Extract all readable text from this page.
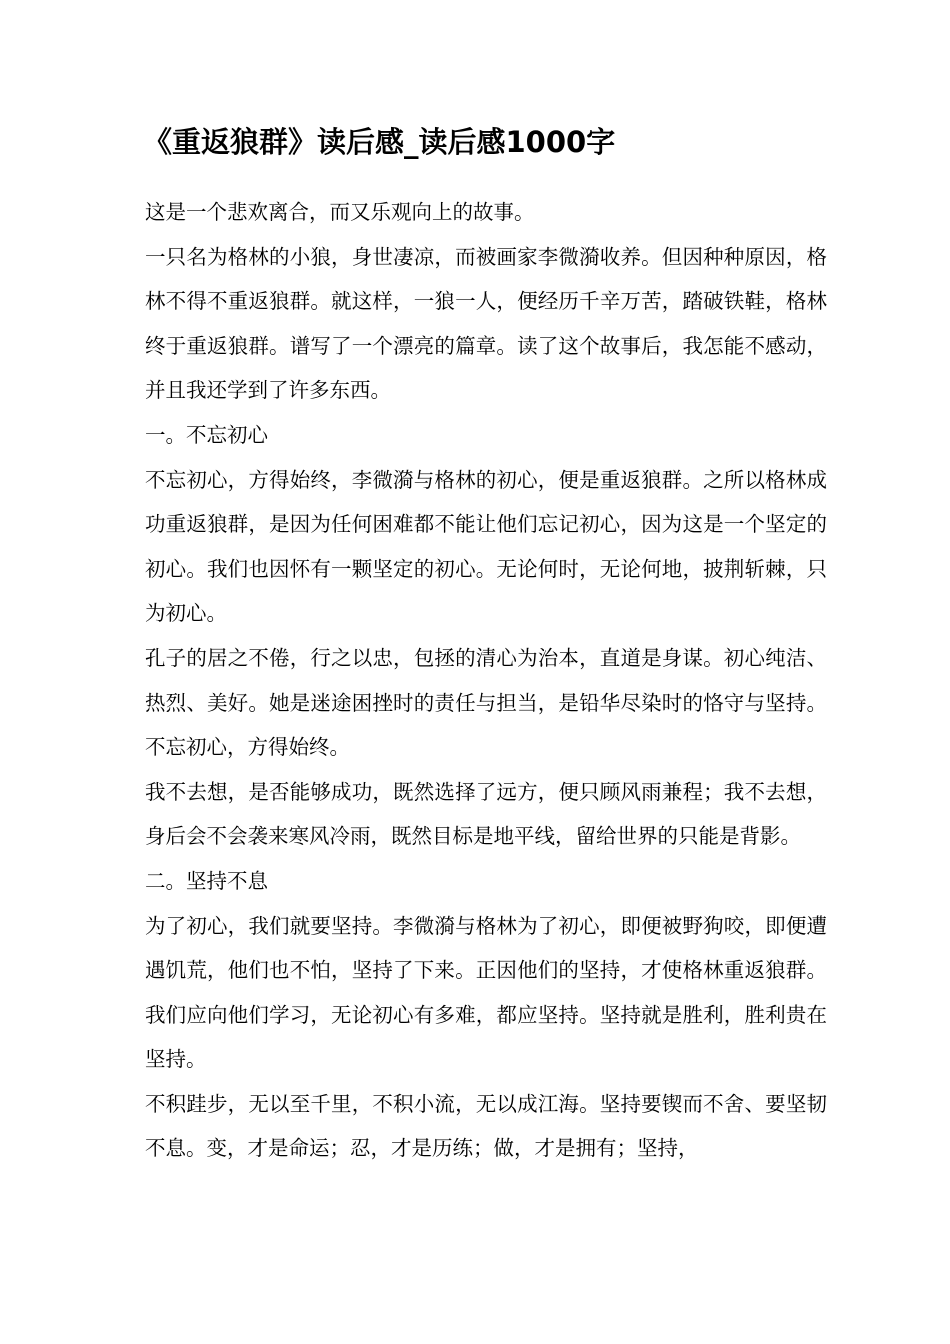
《重返狼群》读后感_读后感1000字

这是一个悲欢离合，而又乐观向上的故事。

一只名为格林的小狼，身世凄凉，而被画家李微漪收养。但因种种原因，格林不得不重返狼群。就这样，一狼一人，便经历千辛万苦，踏破铁鞋，格林终于重返狼群。谱写了一个漂亮的篇章。读了这个故事后，我怎能不感动，并且我还学到了许多东西。

一。不忘初心

不忘初心，方得始终，李微漪与格林的初心，便是重返狼群。之所以格林成功重返狼群，是因为任何困难都不能让他们忘记初心，因为这是一个坚定的初心。我们也因怀有一颗坚定的初心。无论何时，无论何地，披荆斩棘，只为初心。

孔子的居之不倦，行之以忠，包拯的清心为治本，直道是身谋。初心纯洁、热烈、美好。她是迷途困挫时的责任与担当，是铅华尽染时的恪守与坚持。不忘初心，方得始终。

我不去想，是否能够成功，既然选择了远方，便只顾风雨兼程；我不去想，身后会不会袭来寒风冷雨，既然目标是地平线，留给世界的只能是背影。

二。坚持不息

为了初心，我们就要坚持。李微漪与格林为了初心，即便被野狗咬，即便遭遇饥荒，他们也不怕，坚持了下来。正因他们的坚持，才使格林重返狼群。我们应向他们学习，无论初心有多难，都应坚持。坚持就是胜利，胜利贵在坚持。

不积跬步，无以至千里，不积小流，无以成江海。坚持要锲而不舍、要坚韧不息。变，才是命运；忍，才是历练；做，才是拥有；坚持，
